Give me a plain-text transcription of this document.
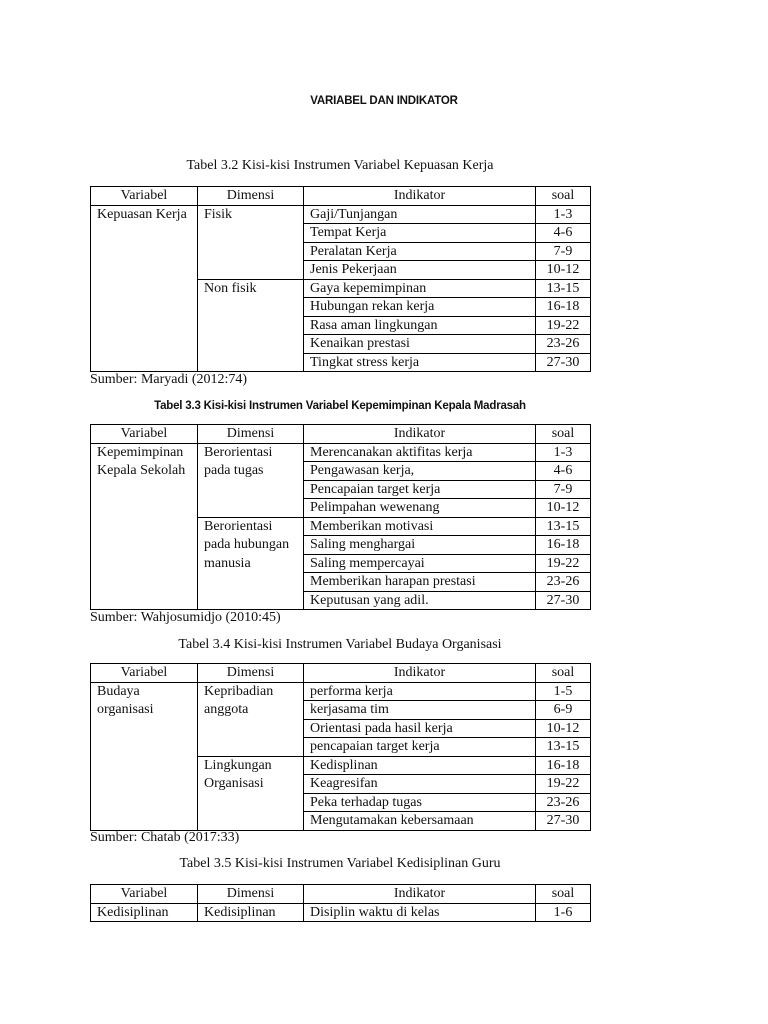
VARIABEL DAN INDIKATOR
Tabel 3.2 Kisi-kisi Instrumen Variabel Kepuasan Kerja
Variabel	Dimensi	Indikator	soal
Kepuasan Kerja	Fisik	Gaji/Tunjangan	1-3
		Tempat Kerja	4-6
		Peralatan Kerja	7-9
		Jenis Pekerjaan	10-12
	Non fisik	Gaya kepemimpinan	13-15
		Hubungan rekan kerja	16-18
		Rasa aman lingkungan	19-22
		Kenaikan prestasi	23-26
		Tingkat stress kerja	27-30
Sumber: Maryadi (2012:74)
Tabel 3.3 Kisi-kisi Instrumen Variabel Kepemimpinan Kepala Madrasah
Variabel	Dimensi	Indikator	soal
Kepemimpinan Kepala Sekolah	Berorientasi pada tugas	Merencanakan aktifitas kerja	1-3
		Pengawasan kerja,	4-6
		Pencapaian target kerja	7-9
		Pelimpahan wewenang	10-12
	Berorientasi pada hubungan manusia	Memberikan motivasi	13-15
		Saling menghargai	16-18
		Saling mempercayai	19-22
		Memberikan harapan prestasi	23-26
		Keputusan yang adil.	27-30
Sumber: Wahjosumidjo (2010:45)
Tabel 3.4 Kisi-kisi Instrumen Variabel Budaya Organisasi
Variabel	Dimensi	Indikator	soal
Budaya organisasi	Kepribadian anggota	performa kerja	1-5
		kerjasama tim	6-9
		Orientasi pada hasil kerja	10-12
		pencapaian target kerja	13-15
	Lingkungan Organisasi	Kedisplinan	16-18
		Keagresifan	19-22
		Peka terhadap tugas	23-26
		Mengutamakan kebersamaan	27-30
Sumber: Chatab (2017:33)
Tabel 3.5 Kisi-kisi Instrumen Variabel Kedisiplinan Guru
Variabel	Dimensi	Indikator	soal
Kedisiplinan	Kedisiplinan	Disiplin waktu di kelas	1-6
